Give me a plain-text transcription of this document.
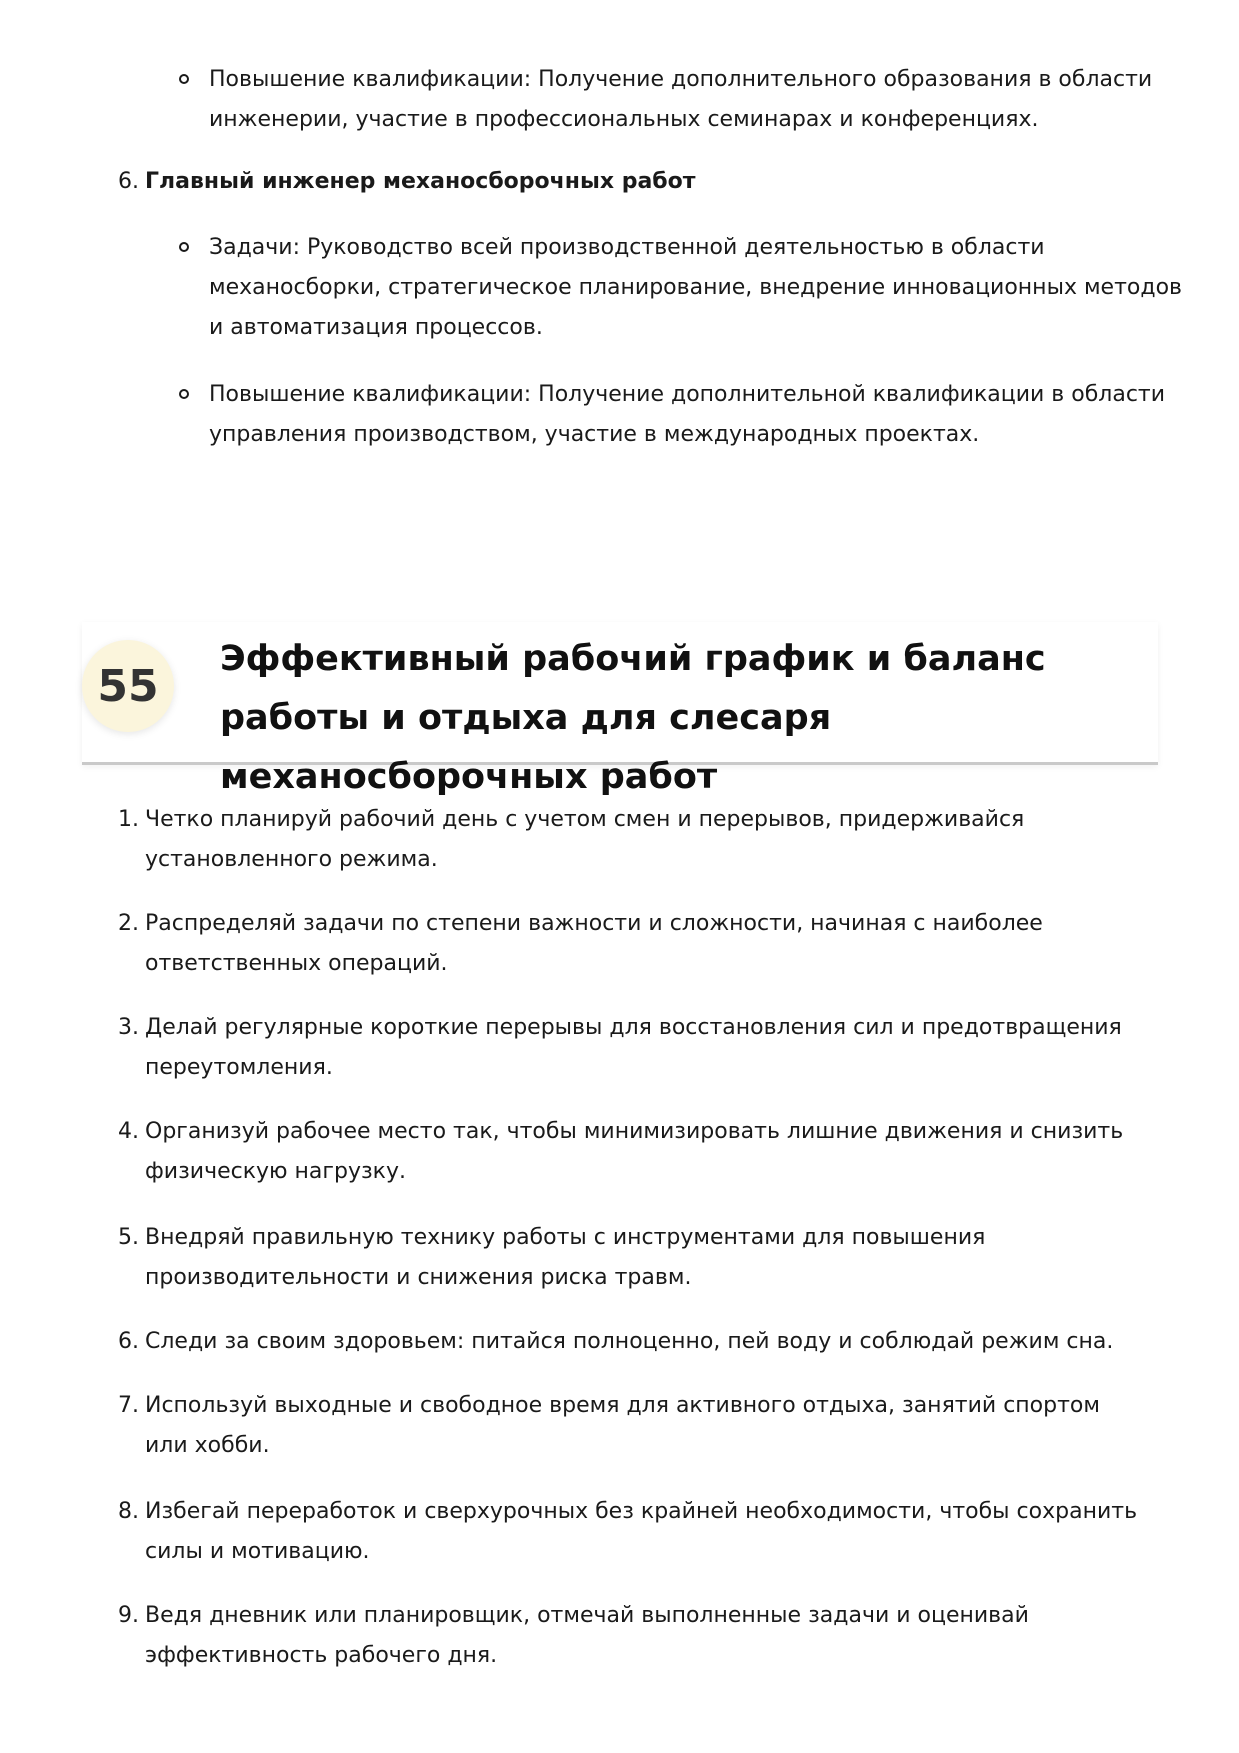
Повышение квалификации: Получение дополнительного образования в области инженерии, участие в профессиональных семинарах и конференциях.
6. Главный инженер механосборочных работ
Задачи: Руководство всей производственной деятельностью в области механосборки, стратегическое планирование, внедрение инновационных методов и автоматизация процессов.
Повышение квалификации: Получение дополнительной квалификации в области управления производством, участие в международных проектах.
55
Эффективный рабочий график и баланс работы и отдыха для слесаря механосборочных работ
1. Четко планируй рабочий день с учетом смен и перерывов, придерживайся установленного режима.
2. Распределяй задачи по степени важности и сложности, начиная с наиболее ответственных операций.
3. Делай регулярные короткие перерывы для восстановления сил и предотвращения переутомления.
4. Организуй рабочее место так, чтобы минимизировать лишние движения и снизить физическую нагрузку.
5. Внедряй правильную технику работы с инструментами для повышения производительности и снижения риска травм.
6. Следи за своим здоровьем: питайся полноценно, пей воду и соблюдай режим сна.
7. Используй выходные и свободное время для активного отдыха, занятий спортом или хобби.
8. Избегай переработок и сверхурочных без крайней необходимости, чтобы сохранить силы и мотивацию.
9. Ведя дневник или планировщик, отмечай выполненные задачи и оценивай эффективность рабочего дня.
